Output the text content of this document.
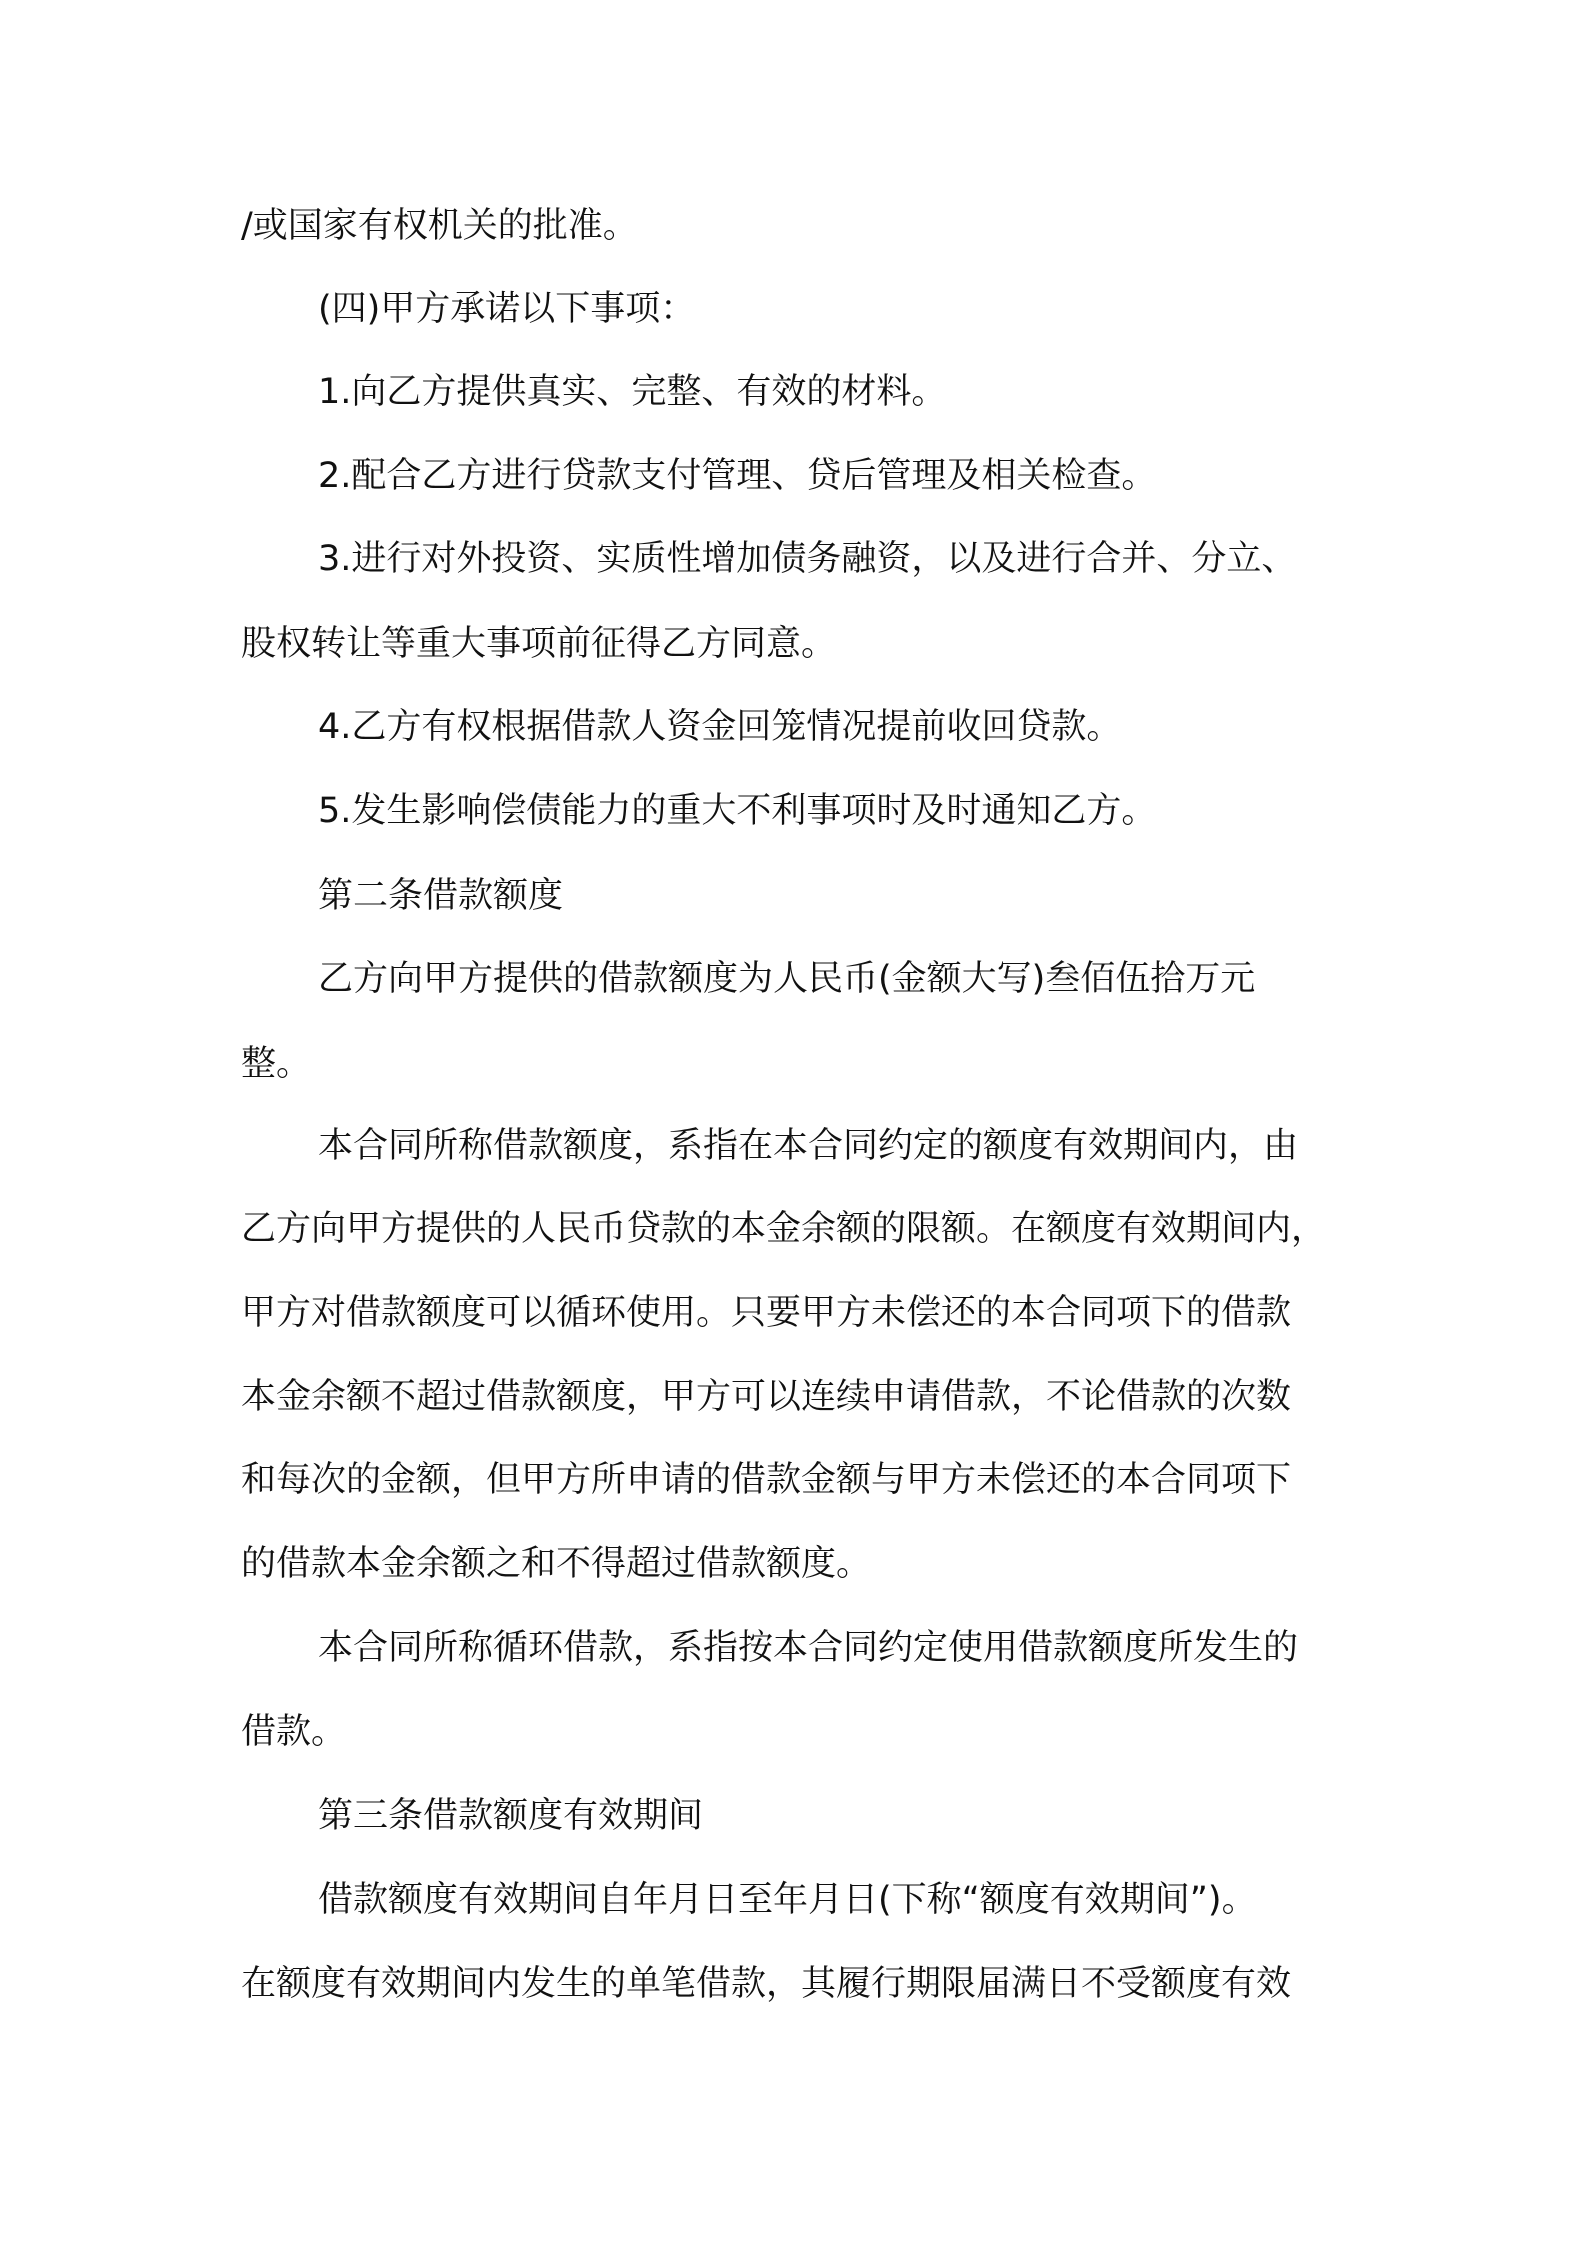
/或国家有权机关的批准。
(四)甲方承诺以下事项：
1.向乙方提供真实、完整、有效的材料。
2.配合乙方进行贷款支付管理、贷后管理及相关检查。
3.进行对外投资、实质性增加债务融资，以及进行合并、分立、
股权转让等重大事项前征得乙方同意。
4.乙方有权根据借款人资金回笼情况提前收回贷款。
5.发生影响偿债能力的重大不利事项时及时通知乙方。
第二条借款额度
乙方向甲方提供的借款额度为人民币(金额大写)叁佰伍拾万元
整。
本合同所称借款额度，系指在本合同约定的额度有效期间内，由
乙方向甲方提供的人民币贷款的本金余额的限额。在额度有效期间内，
甲方对借款额度可以循环使用。只要甲方未偿还的本合同项下的借款
本金余额不超过借款额度，甲方可以连续申请借款，不论借款的次数
和每次的金额，但甲方所申请的借款金额与甲方未偿还的本合同项下
的借款本金余额之和不得超过借款额度。
本合同所称循环借款，系指按本合同约定使用借款额度所发生的
借款。
第三条借款额度有效期间
借款额度有效期间自年月日至年月日(下称“额度有效期间”)。
在额度有效期间内发生的单笔借款，其履行期限届满日不受额度有效
